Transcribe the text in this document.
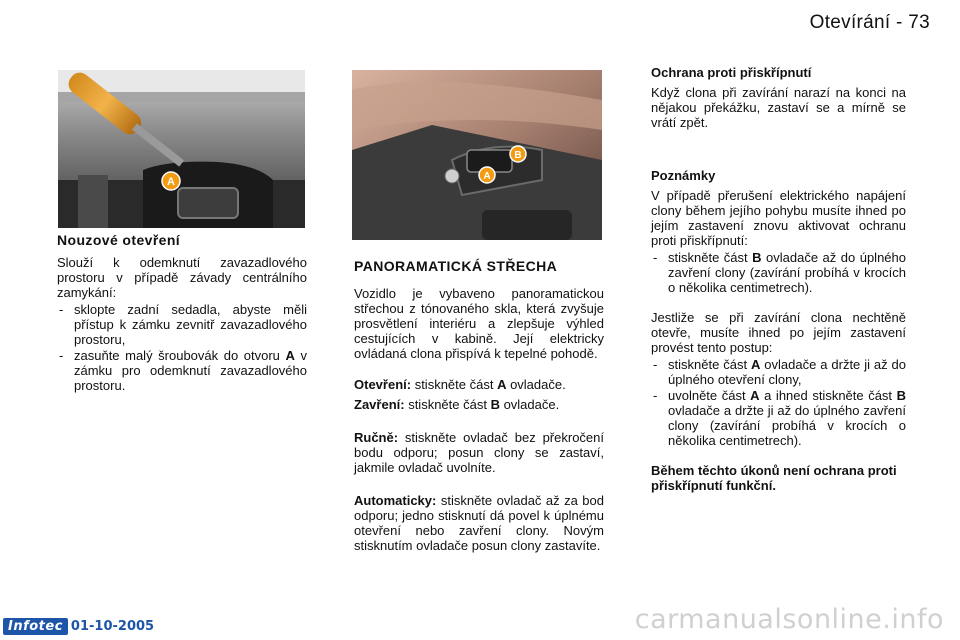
Otevírání - 73
A
B
A
Nouzové otevření

Slouží k odemknutí zavazadlového prostoru v případě závady centrálního zamykání:

- sklopte zadní sedadla, abyste měli přístup k zámku zevnitř zavazadlového prostoru,
- zasuňte malý šroubovák do otvoru A v zámku pro odemknutí zavazadlového prostoru.
PANORAMATICKÁ STŘECHA

Vozidlo je vybaveno panoramatickou střechou z tónovaného skla, která zvyšuje prosvětlení interiéru a zlepšuje výhled cestujících v kabině. Její elektricky ovládaná clona přispívá k tepelné pohodě.

Otevření: stiskněte část A ovladače.

Zavření: stiskněte část B ovladače.

Ručně: stiskněte ovladač bez překročení bodu odporu; posun clony se zastaví, jakmile ovladač uvolníte.

Automaticky: stiskněte ovladač až za bod odporu; jedno stisknutí dá povel k úplnému otevření nebo zavření clony. Novým stisknutím ovladače posun clony zastavíte.

Ochrana proti přiskřípnutí

Když clona při zavírání narazí na konci na nějakou překážku, zastaví se a mírně se vrátí zpět.

Poznámky

V případě přerušení elektrického napájení clony během jejího pohybu musíte ihned po jejím zastavení znovu aktivovat ochranu proti přiskřípnutí:

- stiskněte část B ovladače až do úplného zavření clony (zavírání probíhá v krocích o několika centimetrech).

Jestliže se při zavírání clona nechtěně otevře, musíte ihned po jejím zastavení provést tento postup:

- stiskněte část A ovladače a držte ji až do úplného otevření clony,
- uvolněte část A a ihned stiskněte část B ovladače a držte ji až do úplného zavření clony (zavírání probíhá v krocích o několika centimetrech).

Během těchto úkonů není ochrana proti přiskřípnutí funkční.

Infotec 01-10-2005	carmanualsonline.info
